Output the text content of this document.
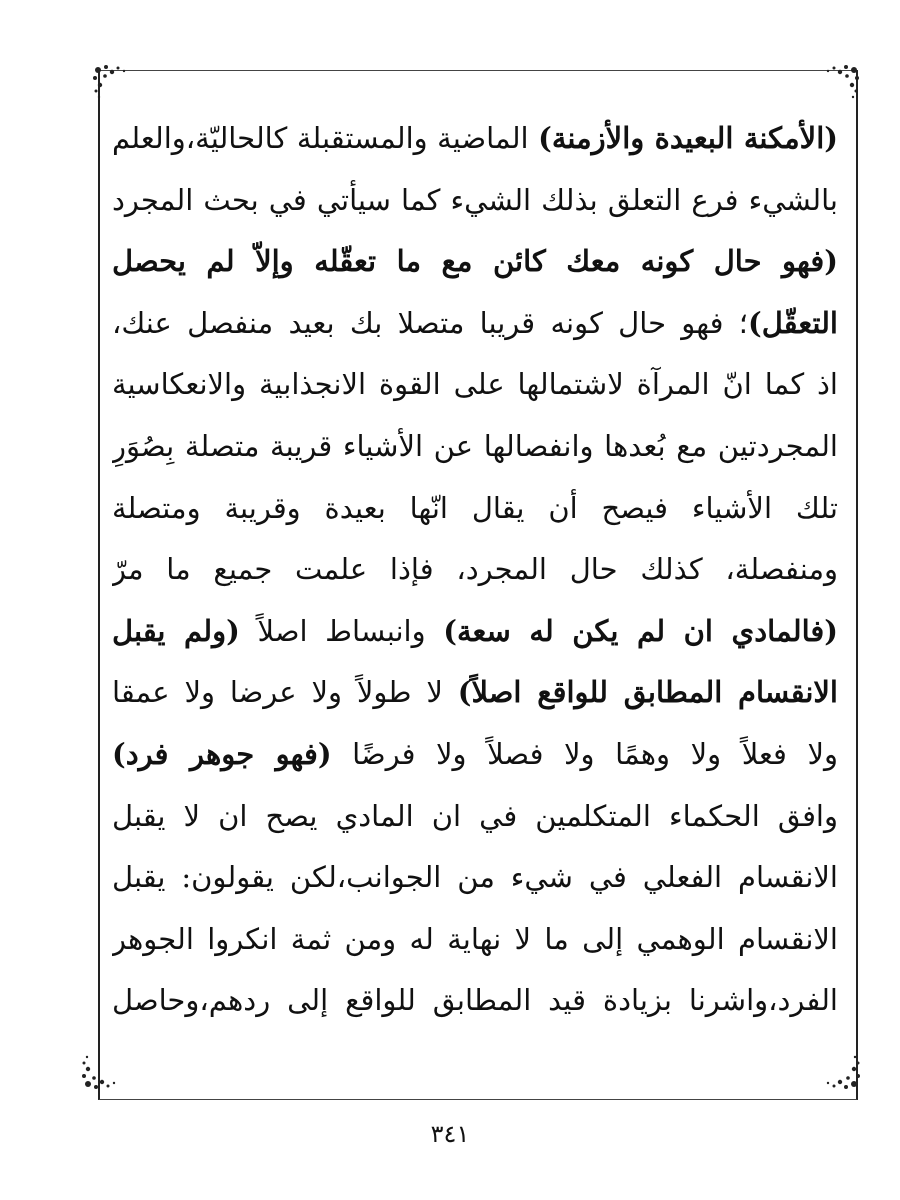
(الأمكنة البعيدة والأزمنة) الماضية والمستقبلة كالحاليّة،والعلم
بالشيء فرع التعلق بذلك الشيء كما سيأتي في بحث المجرد
(فهو حال كونه معك كائن مع ما تعقّله وإلاّ لم يحصل
التعقّل)؛ فهو حال كونه قريبا متصلا بك بعيد منفصل عنك،
اذ كما انّ المرآة لاشتمالها على القوة الانجذابية والانعكاسية
المجردتين مع بُعدها وانفصالها عن الأشياء قريبة متصلة بِصُوَرِ
تلك الأشياء فيصح أن يقال انّها بعيدة وقريبة ومتصلة
ومنفصلة، كذلك حال المجرد، فإذا علمت جميع ما مرّ
(فالمادي ان لم يكن له سعة) وانبساط اصلاً (ولم يقبل
الانقسام المطابق للواقع اصلاً) لا طولاً ولا عرضا ولا عمقا
ولا فعلاً ولا وهمًا ولا فصلاً ولا فرضًا (فهو جوهر فرد)
وافق الحكماء المتكلمين في ان المادي يصح ان لا يقبل
الانقسام الفعلي في شيء من الجوانب،لكن يقولون: يقبل
الانقسام الوهمي إلى ما لا نهاية له ومن ثمة انكروا الجوهر
الفرد،واشرنا بزيادة قيد المطابق للواقع إلى ردهم،وحاصل
٣٤١
